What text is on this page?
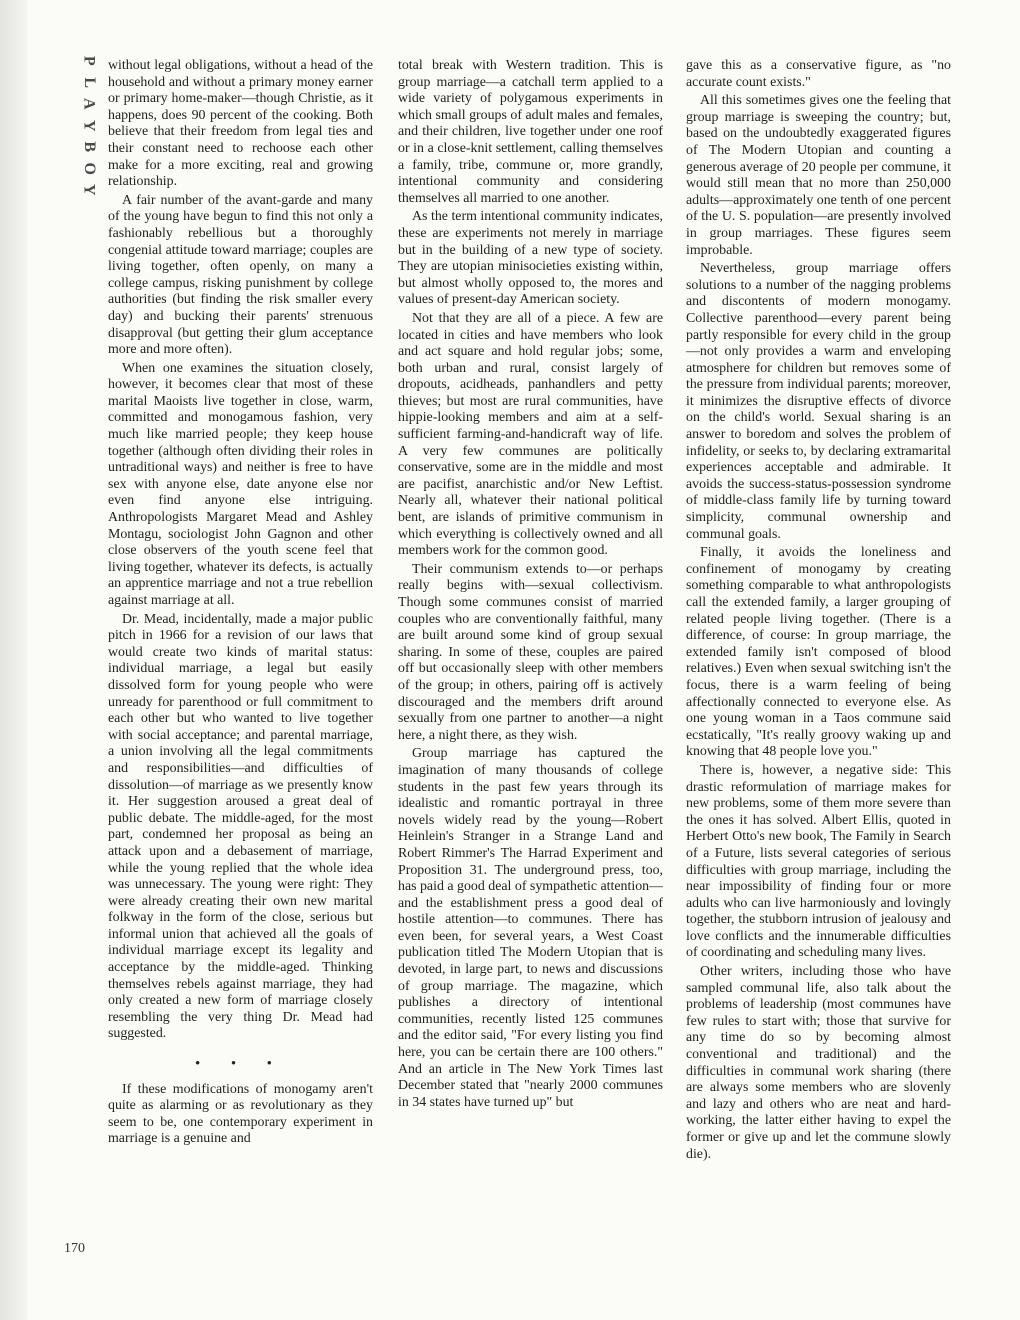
P
L
A
Y
B
O
Y

without legal obligations, without a head of the household and without a primary money earner or primary home-maker—though Christie, as it happens, does 90 percent of the cooking. Both believe that their freedom from legal ties and their constant need to rechoose each other make for a more exciting, real and growing relationship.

A fair number of the avant-garde and many of the young have begun to find this not only a fashionably rebellious but a thoroughly congenial attitude toward marriage; couples are living together, often openly, on many a college campus, risking punishment by college authorities (but finding the risk smaller every day) and bucking their parents' strenuous disapproval (but getting their glum acceptance more and more often).

When one examines the situation closely, however, it becomes clear that most of these marital Maoists live together in close, warm, committed and monogamous fashion, very much like married people; they keep house together (although often dividing their roles in untraditional ways) and neither is free to have sex with anyone else, date anyone else nor even find anyone else intriguing. Anthropologists Margaret Mead and Ashley Montagu, sociologist John Gagnon and other close observers of the youth scene feel that living together, whatever its defects, is actually an apprentice marriage and not a true rebellion against marriage at all.

Dr. Mead, incidentally, made a major public pitch in 1966 for a revision of our laws that would create two kinds of marital status: individual marriage, a legal but easily dissolved form for young people who were unready for parenthood or full commitment to each other but who wanted to live together with social acceptance; and parental marriage, a union involving all the legal commitments and responsibilities—and difficulties of dissolution—of marriage as we presently know it. Her suggestion aroused a great deal of public debate. The middle-aged, for the most part, condemned her proposal as being an attack upon and a debasement of marriage, while the young replied that the whole idea was unnecessary. The young were right: They were already creating their own new marital folkway in the form of the close, serious but informal union that achieved all the goals of individual marriage except its legality and acceptance by the middle-aged. Thinking themselves rebels against marriage, they had only created a new form of marriage closely resembling the very thing Dr. Mead had suggested.

• • •

If these modifications of monogamy aren't quite as alarming or as revolutionary as they seem to be, one contemporary experiment in marriage is a genuine and

total break with Western tradition. This is group marriage—a catchall term applied to a wide variety of polygamous experiments in which small groups of adult males and females, and their children, live together under one roof or in a close-knit settlement, calling themselves a family, tribe, commune or, more grandly, intentional community and considering themselves all married to one another.

As the term intentional community indicates, these are experiments not merely in marriage but in the building of a new type of society. They are utopian minisocieties existing within, but almost wholly opposed to, the mores and values of present-day American society.

Not that they are all of a piece. A few are located in cities and have members who look and act square and hold regular jobs; some, both urban and rural, consist largely of dropouts, acidheads, panhandlers and petty thieves; but most are rural communities, have hippie-looking members and aim at a self-sufficient farming-and-handicraft way of life. A very few communes are politically conservative, some are in the middle and most are pacifist, anarchistic and/or New Leftist. Nearly all, whatever their national political bent, are islands of primitive communism in which everything is collectively owned and all members work for the common good.

Their communism extends to—or perhaps really begins with—sexual collectivism. Though some communes consist of married couples who are conventionally faithful, many are built around some kind of group sexual sharing. In some of these, couples are paired off but occasionally sleep with other members of the group; in others, pairing off is actively discouraged and the members drift around sexually from one partner to another—a night here, a night there, as they wish.

Group marriage has captured the imagination of many thousands of college students in the past few years through its idealistic and romantic portrayal in three novels widely read by the young—Robert Heinlein's Stranger in a Strange Land and Robert Rimmer's The Harrad Experiment and Proposition 31. The underground press, too, has paid a good deal of sympathetic attention—and the establishment press a good deal of hostile attention—to communes. There has even been, for several years, a West Coast publication titled The Modern Utopian that is devoted, in large part, to news and discussions of group marriage. The magazine, which publishes a directory of intentional communities, recently listed 125 communes and the editor said, "For every listing you find here, you can be certain there are 100 others." And an article in The New York Times last December stated that "nearly 2000 communes in 34 states have turned up" but

gave this as a conservative figure, as "no accurate count exists."

All this sometimes gives one the feeling that group marriage is sweeping the country; but, based on the undoubtedly exaggerated figures of The Modern Utopian and counting a generous average of 20 people per commune, it would still mean that no more than 250,000 adults—approximately one tenth of one percent of the U. S. population—are presently involved in group marriages. These figures seem improbable.

Nevertheless, group marriage offers solutions to a number of the nagging problems and discontents of modern monogamy. Collective parenthood—every parent being partly responsible for every child in the group—not only provides a warm and enveloping atmosphere for children but removes some of the pressure from individual parents; moreover, it minimizes the disruptive effects of divorce on the child's world. Sexual sharing is an answer to boredom and solves the problem of infidelity, or seeks to, by declaring extramarital experiences acceptable and admirable. It avoids the success-status-possession syndrome of middle-class family life by turning toward simplicity, communal ownership and communal goals.

Finally, it avoids the loneliness and confinement of monogamy by creating something comparable to what anthropologists call the extended family, a larger grouping of related people living together. (There is a difference, of course: In group marriage, the extended family isn't composed of blood relatives.) Even when sexual switching isn't the focus, there is a warm feeling of being affectionally connected to everyone else. As one young woman in a Taos commune said ecstatically, "It's really groovy waking up and knowing that 48 people love you."

There is, however, a negative side: This drastic reformulation of marriage makes for new problems, some of them more severe than the ones it has solved. Albert Ellis, quoted in Herbert Otto's new book, The Family in Search of a Future, lists several categories of serious difficulties with group marriage, including the near impossibility of finding four or more adults who can live harmoniously and lovingly together, the stubborn intrusion of jealousy and love conflicts and the innumerable difficulties of coordinating and scheduling many lives.

Other writers, including those who have sampled communal life, also talk about the problems of leadership (most communes have few rules to start with; those that survive for any time do so by becoming almost conventional and traditional) and the difficulties in communal work sharing (there are always some members who are slovenly and lazy and others who are neat and hard-working, the latter either having to expel the former or give up and let the commune slowly die).

170
